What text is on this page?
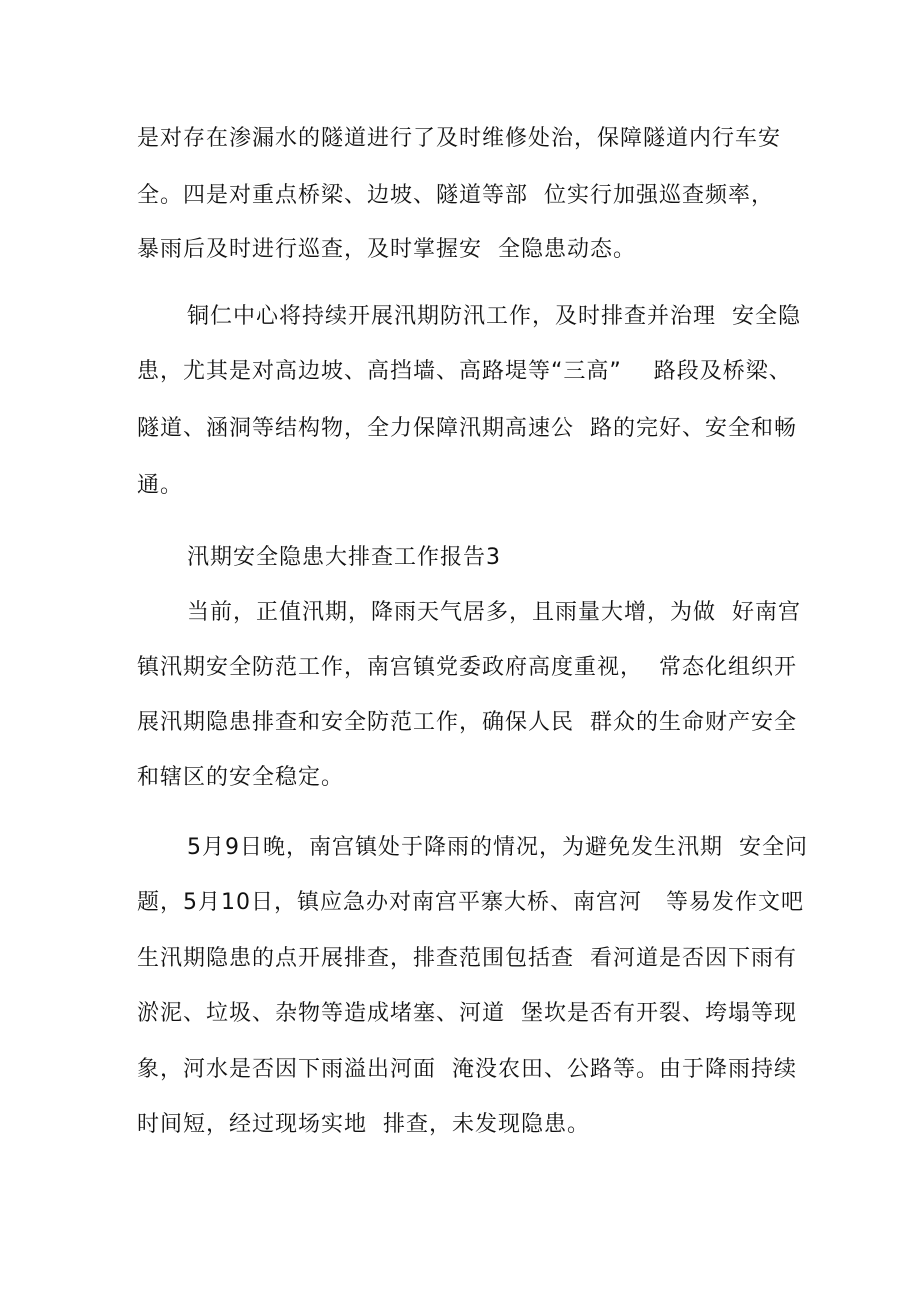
是对存在渗漏水的隧道进行了及时维修处治，保障隧道内行车安
全。四是对重点桥梁、边坡、隧道等部  位实行加强巡查频率，
暴雨后及时进行巡查，及时掌握安  全隐患动态。
铜仁中心将持续开展汛期防汛工作，及时排查并治理  安全隐
患，尤其是对高边坡、高挡墙、高路堤等“三高”    路段及桥梁、
隧道、涵洞等结构物，全力保障汛期高速公  路的完好、安全和畅
通。
汛期安全隐患大排查工作报告3
当前，正值汛期，降雨天气居多，且雨量大增，为做  好南宫
镇汛期安全防范工作，南宫镇党委政府高度重视，  常态化组织开
展汛期隐患排查和安全防范工作，确保人民  群众的生命财产安全
和辖区的安全稳定。
5月9日晚，南宫镇处于降雨的情况，为避免发生汛期  安全问
题，5月10日，镇应急办对南宫平寨大桥、南宫河   等易发作文吧
生汛期隐患的点开展排查，排查范围包括查  看河道是否因下雨有
淤泥、垃圾、杂物等造成堵塞、河道  堡坎是否有开裂、垮塌等现
象，河水是否因下雨溢出河面  淹没农田、公路等。由于降雨持续
时间短，经过现场实地  排查，未发现隐患。
